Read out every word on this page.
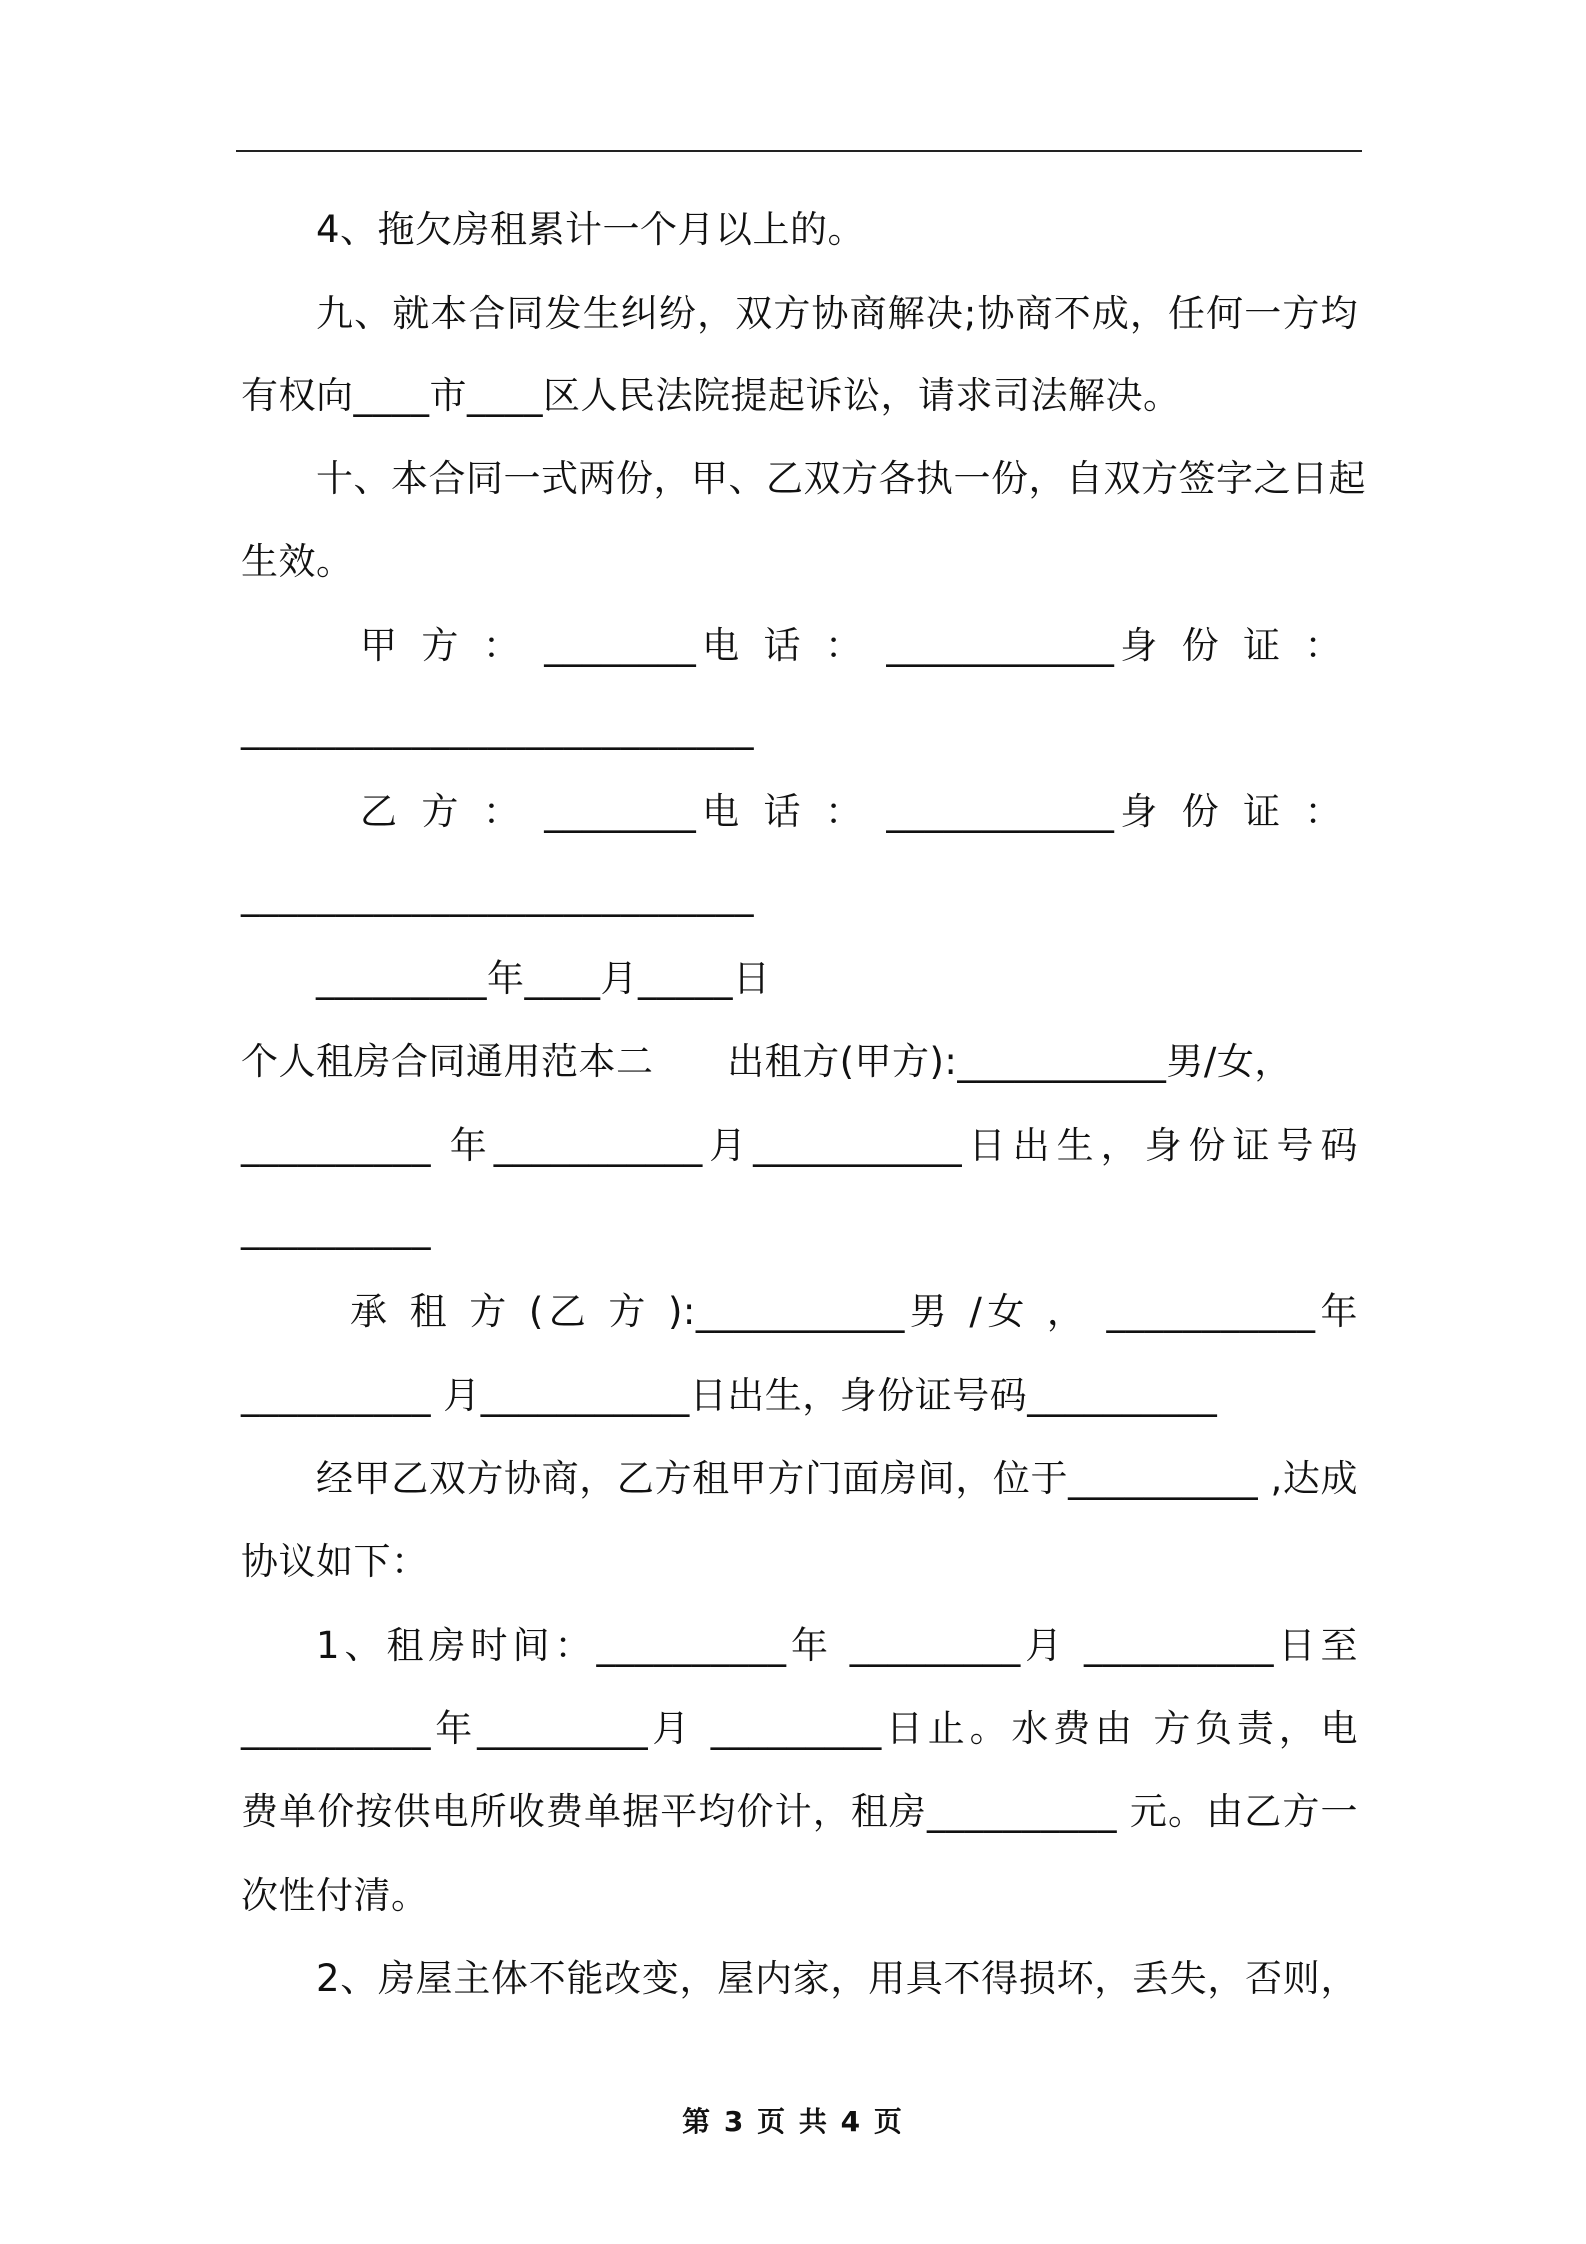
4、拖欠房租累计一个月以上的。
九、就本合同发生纠纷，双方协商解决;协商不成，任何一方均
有权向____市____区人民法院提起诉讼，请求司法解决。
十、本合同一式两份，甲、乙双方各执一份，自双方签字之日起
生效。
甲 方 ： ________电 话 ： ____________身 份 证 ：
___________________________
乙 方 ： ________电 话 ： ____________身 份 证 ：
___________________________
_________年____月_____日
个人租房合同通用范本二      出租方(甲方):___________男/女，
__________ 年___________月___________日出生，身份证号码
__________
承 租 方 (乙 方 ):___________男 /女 ， ___________年
__________ 月___________日出生，身份证号码__________
经甲乙双方协商，乙方租甲方门面房间，位于__________ ,达成
协议如下：
1、租房时间：__________年 _________月 __________日至
__________年_________月 _________日止。水费由 方负责，电
费单价按供电所收费单据平均价计，租房__________ 元。由乙方一
次性付清。
2、房屋主体不能改变，屋内家，用具不得损坏，丢失，否则，
第 3 页 共 4 页
